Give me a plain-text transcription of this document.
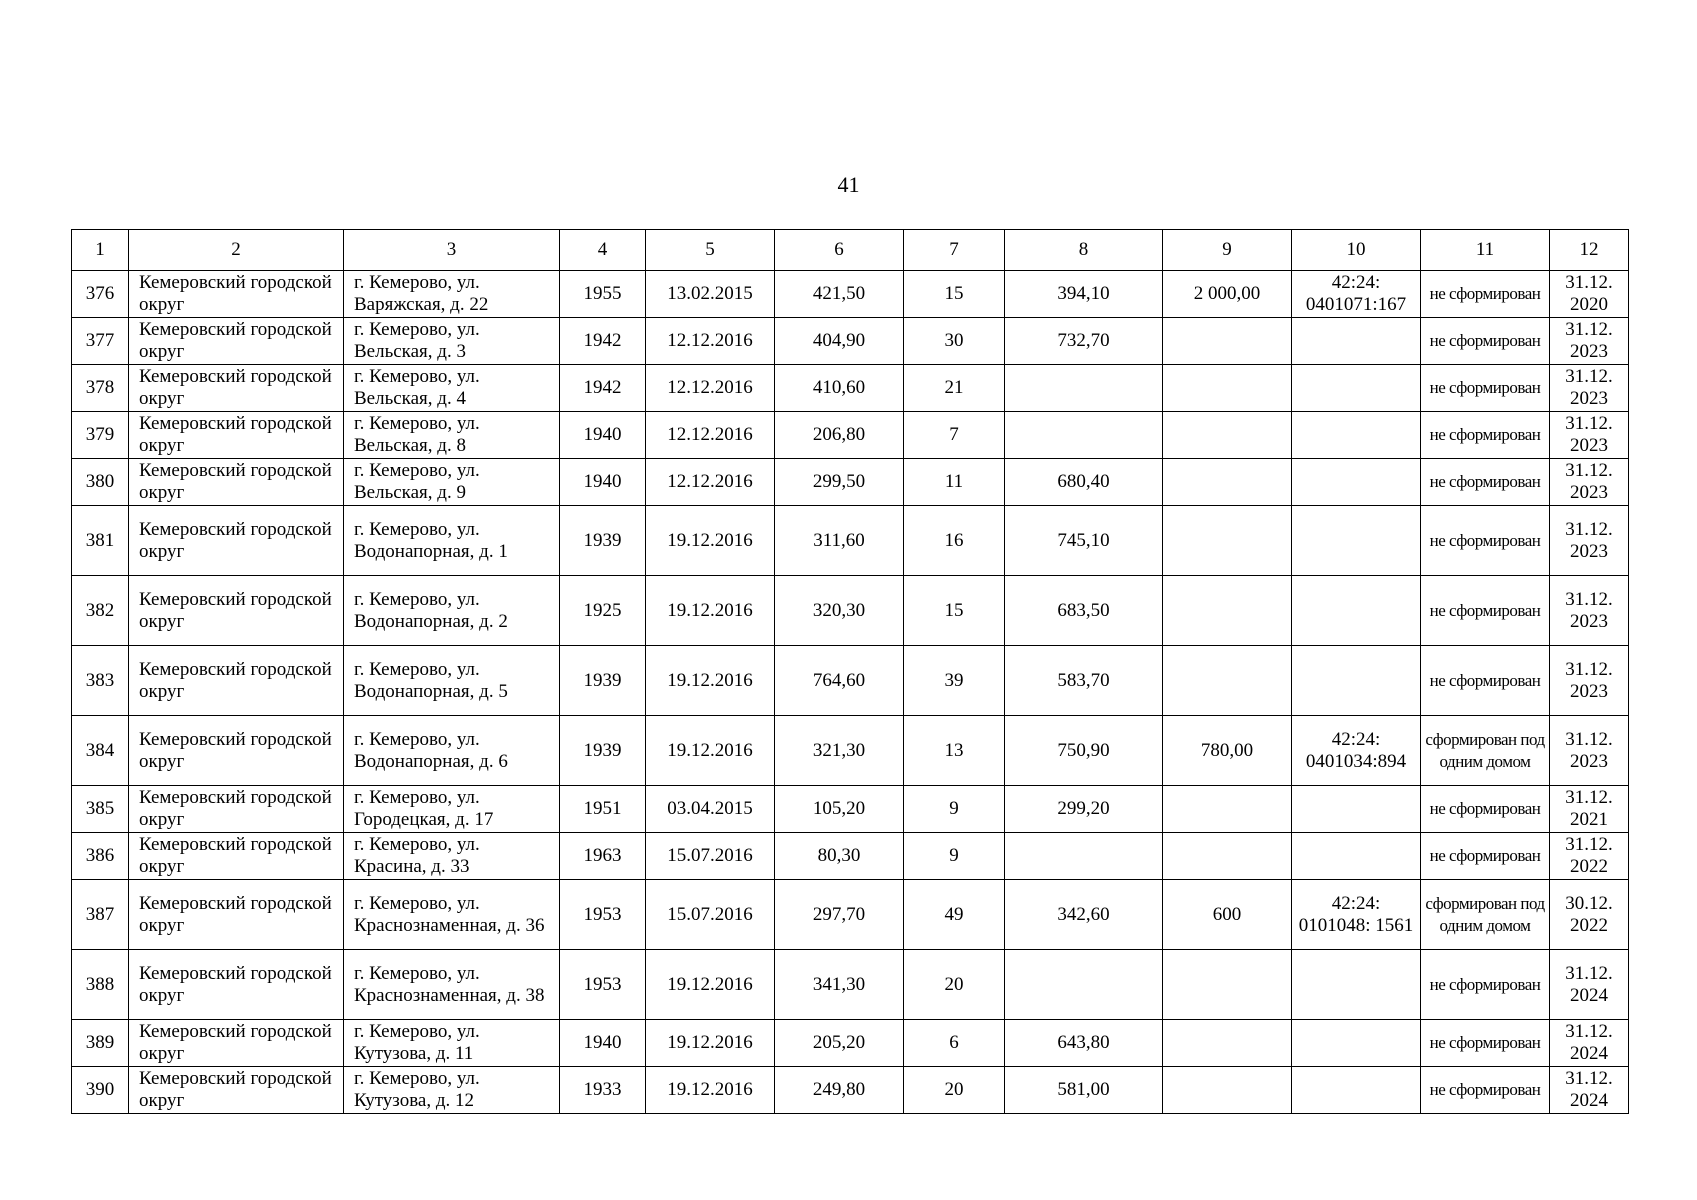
41
1	2	3	4	5	6	7	8	9	10	11	12
376	Кемеровский городской округ	г. Кемерово, ул. Варяжская, д. 22	1955	13.02.2015	421,50	15	394,10	2 000,00	42:24: 0401071:167	не сформирован	31.12. 2020
377	Кемеровский городской округ	г. Кемерово, ул. Вельская, д. 3	1942	12.12.2016	404,90	30	732,70			не сформирован	31.12. 2023
378	Кемеровский городской округ	г. Кемерово, ул. Вельская, д. 4	1942	12.12.2016	410,60	21				не сформирован	31.12. 2023
379	Кемеровский городской округ	г. Кемерово, ул. Вельская, д. 8	1940	12.12.2016	206,80	7				не сформирован	31.12. 2023
380	Кемеровский городской округ	г. Кемерово, ул. Вельская, д. 9	1940	12.12.2016	299,50	11	680,40			не сформирован	31.12. 2023
381	Кемеровский городской округ	г. Кемерово, ул. Водонапорная, д. 1	1939	19.12.2016	311,60	16	745,10			не сформирован	31.12. 2023
382	Кемеровский городской округ	г. Кемерово, ул. Водонапорная, д. 2	1925	19.12.2016	320,30	15	683,50			не сформирован	31.12. 2023
383	Кемеровский городской округ	г. Кемерово, ул. Водонапорная, д. 5	1939	19.12.2016	764,60	39	583,70			не сформирован	31.12. 2023
384	Кемеровский городской округ	г. Кемерово, ул. Водонапорная, д. 6	1939	19.12.2016	321,30	13	750,90	780,00	42:24: 0401034:894	сформирован под одним домом	31.12. 2023
385	Кемеровский городской округ	г. Кемерово, ул. Городецкая, д. 17	1951	03.04.2015	105,20	9	299,20			не сформирован	31.12. 2021
386	Кемеровский городской округ	г. Кемерово, ул. Красина, д. 33	1963	15.07.2016	80,30	9				не сформирован	31.12. 2022
387	Кемеровский городской округ	г. Кемерово, ул. Краснознаменная, д. 36	1953	15.07.2016	297,70	49	342,60	600	42:24: 0101048: 1561	сформирован под одним домом	30.12. 2022
388	Кемеровский городской округ	г. Кемерово, ул. Краснознаменная, д. 38	1953	19.12.2016	341,30	20				не сформирован	31.12. 2024
389	Кемеровский городской округ	г. Кемерово, ул. Кутузова, д. 11	1940	19.12.2016	205,20	6	643,80			не сформирован	31.12. 2024
390	Кемеровский городской округ	г. Кемерово, ул. Кутузова, д. 12	1933	19.12.2016	249,80	20	581,00			не сформирован	31.12. 2024
